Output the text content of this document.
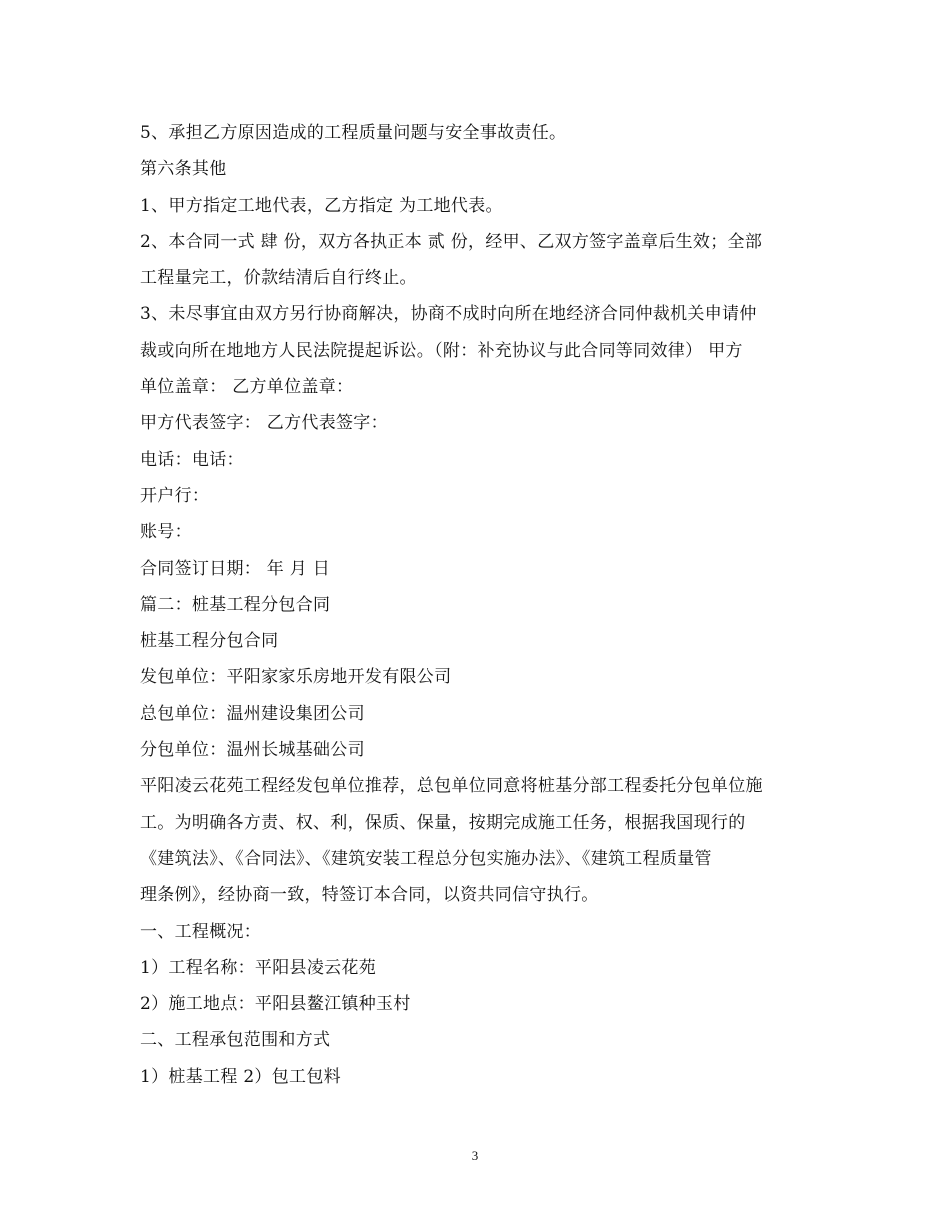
5、承担乙方原因造成的工程质量问题与安全事故责任。
第六条其他
1、甲方指定工地代表，乙方指定 为工地代表。
2、本合同一式 肆 份，双方各执正本 贰 份，经甲、乙双方签字盖章后生效；全部
工程量完工，价款结清后自行终止。
3、未尽事宜由双方另行协商解决，协商不成时向所在地经济合同仲裁机关申请仲
裁或向所在地地方人民法院提起诉讼。（附：补充协议与此合同等同效律） 甲方
单位盖章： 乙方单位盖章：
甲方代表签字： 乙方代表签字：
电话：电话：
开户行：
账号：
合同签订日期： 年 月 日
篇二：桩基工程分包合同
桩基工程分包合同
发包单位：平阳家家乐房地开发有限公司
总包单位：温州建设集团公司
分包单位：温州长城基础公司
平阳凌云花苑工程经发包单位推荐，总包单位同意将桩基分部工程委托分包单位施
工。为明确各方责、权、利，保质、保量，按期完成施工任务，根据我国现行的
《建筑法》、《合同法》、《建筑安装工程总分包实施办法》、《建筑工程质量管
理条例》，经协商一致，特签订本合同，以资共同信守执行。
一、工程概况：
1）工程名称：平阳县凌云花苑
2）施工地点：平阳县鳌江镇种玉村
二、工程承包范围和方式
1）桩基工程 2）包工包料
3
